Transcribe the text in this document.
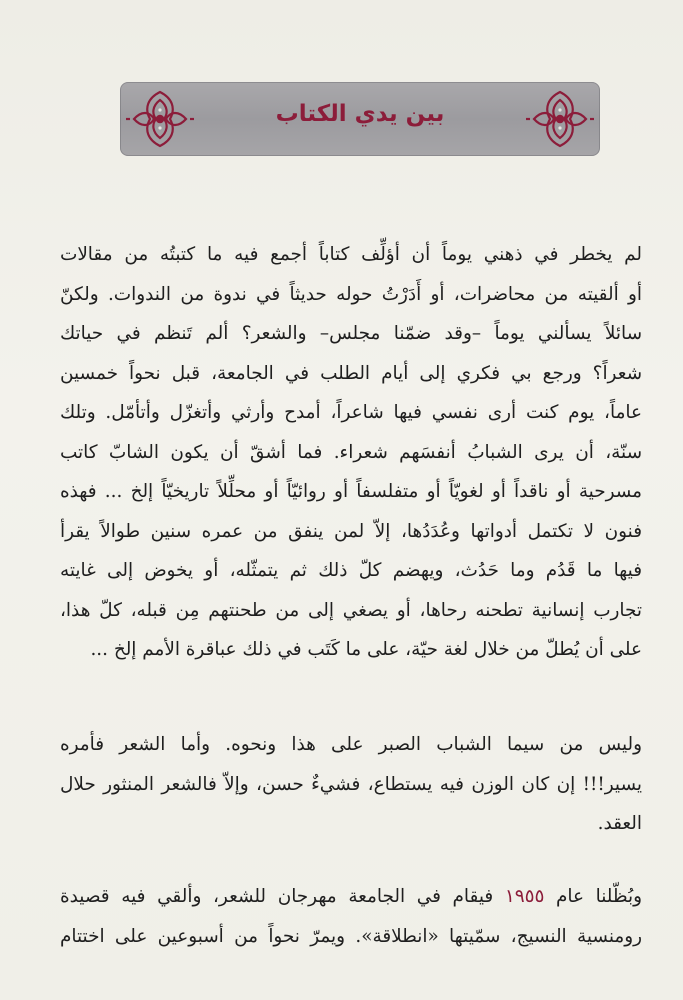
بين يدي الكتاب
لم يخطر في ذهني يوماً أن أؤلِّف كتاباً أجمع فيه ما كتبتُه من مقالات
أو ألقيته من محاضرات، أو أَدَرْتُ حوله حديثاً في ندوة من الندوات. ولكنّ
سائلاً يسألني يوماً –وقد ضمّنا مجلس– والشعر؟ ألم تَنظم في حياتك
شعراً؟ ورجع بي فكري إلى أيام الطلب في الجامعة، قبل نحواً خمسين
عاماً، يوم كنت أرى نفسي فيها شاعراً، أمدح وأرثي وأتغزّل وأتأمّل. وتلك
سنّة، أن يرى الشبابُ أنفسَهم شعراء. فما أشقّ أن يكون الشابّ كاتب
مسرحية أو ناقداً أو لغويّاً أو متفلسفاً أو روائيّاً أو محلِّلاً تاريخيّاً إلخ ... فهذه
فنون لا تكتمل أدواتها وعُدَدُها، إلاّ لمن ينفق من عمره سنين طوالاً يقرأ
فيها ما قَدُم وما حَدُث، ويهضم كلّ ذلك ثم يتمثّله، أو يخوض إلى غايته
تجارب إنسانية تطحنه رحاها، أو يصغي إلى من طحنتهم مِن قبله، كلّ هذا،
على أن يُطلّ من خلال لغة حيّة، على ما كَتَب في ذلك عباقرة الأمم إلخ ...
وليس من سيما الشباب الصبر على هذا ونحوه. وأما الشعر فأمره
يسير!!! إن كان الوزن فيه يستطاع، فشيءٌ حسن، وإلاّ فالشعر المنثور حلال
العقد.
وبُظّلنا عام ١٩٥٥ فيقام في الجامعة مهرجان للشعر، وألقي فيه قصيدة
رومنسية النسيج، سمّيتها «انطلاقة». ويمرّ نحواً من أسبوعين على اختتام
